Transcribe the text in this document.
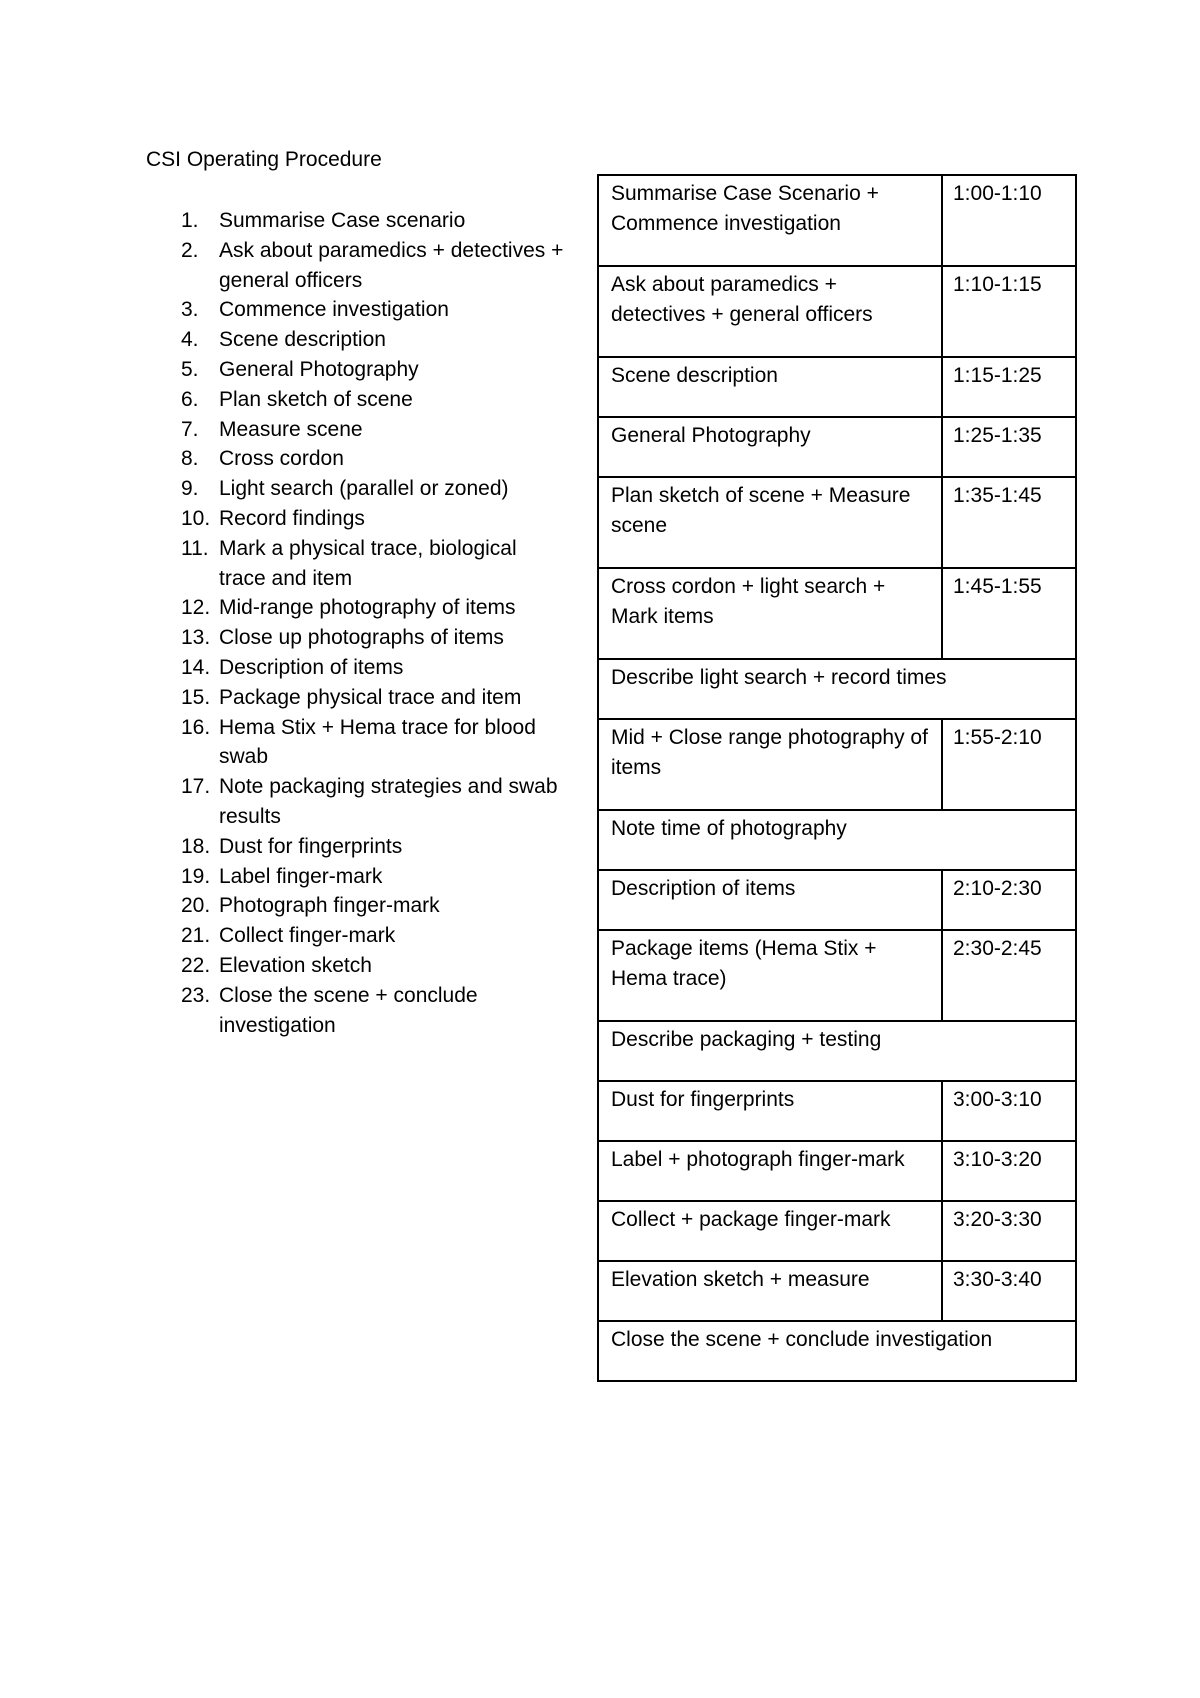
CSI Operating Procedure
1. Summarise Case scenario
2. Ask about paramedics + detectives + general officers
3. Commence investigation
4. Scene description
5. General Photography
6. Plan sketch of scene
7. Measure scene
8. Cross cordon
9. Light search (parallel or zoned)
10. Record findings
11. Mark a physical trace, biological trace and item
12. Mid-range photography of items
13. Close up photographs of items
14. Description of items
15. Package physical trace and item
16. Hema Stix + Hema trace for blood swab
17. Note packaging strategies and swab results
18. Dust for fingerprints
19. Label finger-mark
20. Photograph finger-mark
21. Collect finger-mark
22. Elevation sketch
23. Close the scene + conclude investigation
Summarise Case Scenario + Commence investigation	1:00-1:10
Ask about paramedics + detectives + general officers	1:10-1:15
Scene description	1:15-1:25
General Photography	1:25-1:35
Plan sketch of scene + Measure scene	1:35-1:45
Cross cordon + light search + Mark items	1:45-1:55
Describe light search + record times	
Mid + Close range photography of items	1:55-2:10
Note time of photography	
Description of items	2:10-2:30
Package items (Hema Stix + Hema trace)	2:30-2:45
Describe packaging + testing	
Dust for fingerprints	3:00-3:10
Label + photograph finger-mark	3:10-3:20
Collect + package finger-mark	3:20-3:30
Elevation sketch + measure	3:30-3:40
Close the scene + conclude investigation	
